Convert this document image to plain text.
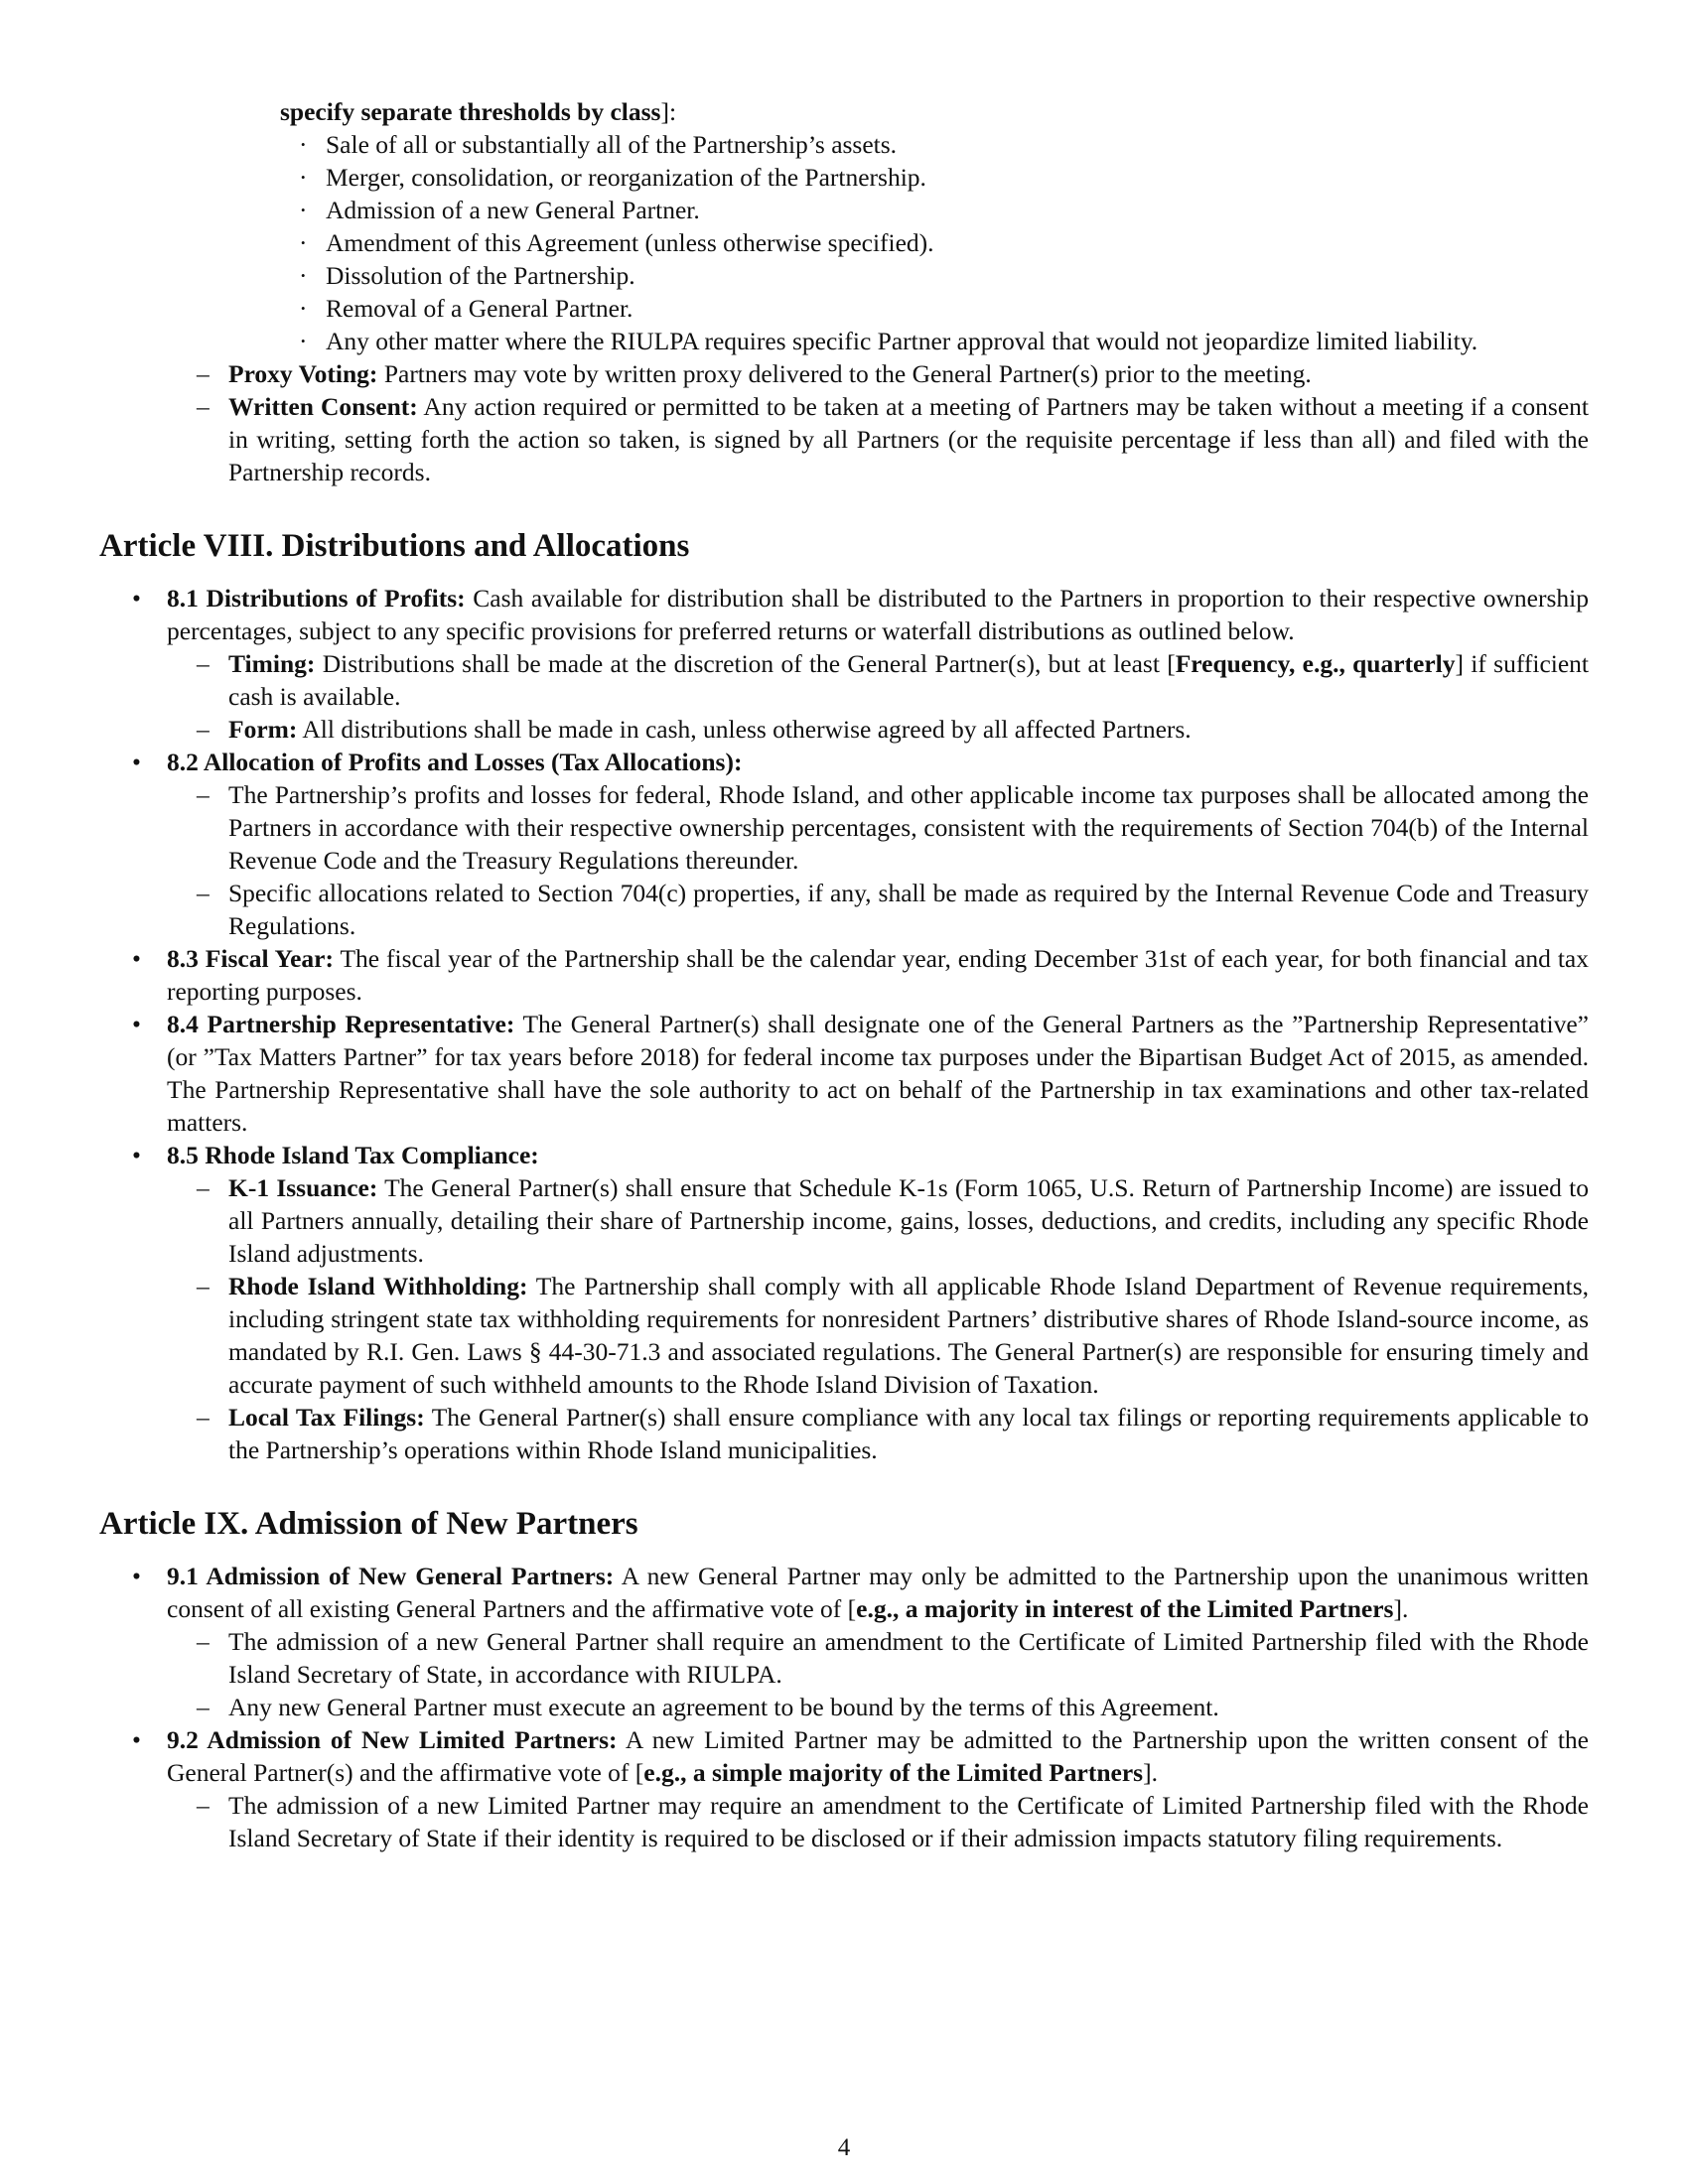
specify separate thresholds by class]:
· Sale of all or substantially all of the Partnership’s assets.
· Merger, consolidation, or reorganization of the Partnership.
· Admission of a new General Partner.
· Amendment of this Agreement (unless otherwise specified).
· Dissolution of the Partnership.
· Removal of a General Partner.
· Any other matter where the RIULPA requires specific Partner approval that would not jeopardize limited liability.
– Proxy Voting: Partners may vote by written proxy delivered to the General Partner(s) prior to the meeting.
– Written Consent: Any action required or permitted to be taken at a meeting of Partners may be taken without a meeting if a consent in writing, setting forth the action so taken, is signed by all Partners (or the requisite percentage if less than all) and filed with the Partnership records.
Article VIII. Distributions and Allocations
• 8.1 Distributions of Profits: Cash available for distribution shall be distributed to the Partners in proportion to their respective ownership percentages, subject to any specific provisions for preferred returns or waterfall distributions as outlined below.
– Timing: Distributions shall be made at the discretion of the General Partner(s), but at least [Frequency, e.g., quarterly] if sufficient cash is available.
– Form: All distributions shall be made in cash, unless otherwise agreed by all affected Partners.
• 8.2 Allocation of Profits and Losses (Tax Allocations):
– The Partnership’s profits and losses for federal, Rhode Island, and other applicable income tax purposes shall be allocated among the Partners in accordance with their respective ownership percentages, consistent with the requirements of Section 704(b) of the Internal Revenue Code and the Treasury Regulations thereunder.
– Specific allocations related to Section 704(c) properties, if any, shall be made as required by the Internal Revenue Code and Treasury Regulations.
• 8.3 Fiscal Year: The fiscal year of the Partnership shall be the calendar year, ending December 31st of each year, for both financial and tax reporting purposes.
• 8.4 Partnership Representative: The General Partner(s) shall designate one of the General Partners as the ”Partnership Representative” (or ”Tax Matters Partner” for tax years before 2018) for federal income tax purposes under the Bipartisan Budget Act of 2015, as amended. The Partnership Representative shall have the sole authority to act on behalf of the Partnership in tax examinations and other tax-related matters.
• 8.5 Rhode Island Tax Compliance:
– K-1 Issuance: The General Partner(s) shall ensure that Schedule K-1s (Form 1065, U.S. Return of Partnership Income) are issued to all Partners annually, detailing their share of Partnership income, gains, losses, deductions, and credits, including any specific Rhode Island adjustments.
– Rhode Island Withholding: The Partnership shall comply with all applicable Rhode Island Department of Revenue requirements, including stringent state tax withholding requirements for nonresident Partners’ distributive shares of Rhode Island-source income, as mandated by R.I. Gen. Laws § 44-30-71.3 and associated regulations. The General Partner(s) are responsible for ensuring timely and accurate payment of such withheld amounts to the Rhode Island Division of Taxation.
– Local Tax Filings: The General Partner(s) shall ensure compliance with any local tax filings or reporting requirements applicable to the Partnership’s operations within Rhode Island municipalities.
Article IX. Admission of New Partners
• 9.1 Admission of New General Partners: A new General Partner may only be admitted to the Partnership upon the unanimous written consent of all existing General Partners and the affirmative vote of [e.g., a majority in interest of the Limited Partners].
– The admission of a new General Partner shall require an amendment to the Certificate of Limited Partnership filed with the Rhode Island Secretary of State, in accordance with RIULPA.
– Any new General Partner must execute an agreement to be bound by the terms of this Agreement.
• 9.2 Admission of New Limited Partners: A new Limited Partner may be admitted to the Partnership upon the written consent of the General Partner(s) and the affirmative vote of [e.g., a simple majority of the Limited Partners].
– The admission of a new Limited Partner may require an amendment to the Certificate of Limited Partnership filed with the Rhode Island Secretary of State if their identity is required to be disclosed or if their admission impacts statutory filing requirements.
4
